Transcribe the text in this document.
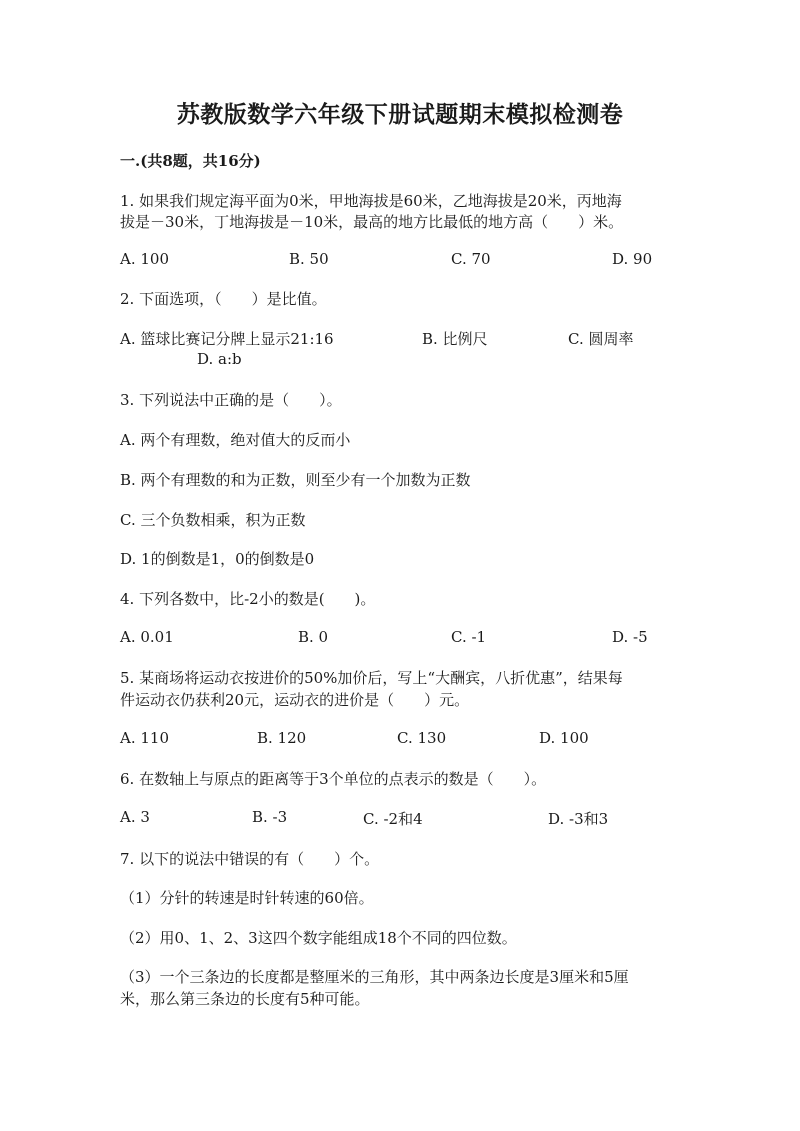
苏教版数学六年级下册试题期末模拟检测卷
一.(共8题，共16分)
1. 如果我们规定海平面为0米，甲地海拔是60米，乙地海拔是20米，丙地海
拔是－30米，丁地海拔是－10米，最高的地方比最低的地方高（　　）米。
A. 100	B. 50	C. 70	D. 90
2. 下面选项，（　　）是比值。
A. 篮球比赛记分牌上显示21:16	B. 比例尺	C. 圆周率
D. a:b
3. 下列说法中正确的是（　　）。
A. 两个有理数，绝对值大的反而小
B. 两个有理数的和为正数，则至少有一个加数为正数
C. 三个负数相乘，积为正数
D. 1的倒数是1，0的倒数是0
4. 下列各数中，比-2小的数是(　　)。
A. 0.01	B. 0	C. -1	D. -5
5. 某商场将运动衣按进价的50%加价后，写上“大酬宾，八折优惠”，结果每
件运动衣仍获利20元，运动衣的进价是（　　）元。
A. 110	B. 120	C. 130	D. 100
6. 在数轴上与原点的距离等于3个单位的点表示的数是（　　）。
A. 3	B. -3	C. -2和4	D. -3和3
7. 以下的说法中错误的有（　　）个。
（1）分针的转速是时针转速的60倍。
（2）用0、1、2、3这四个数字能组成18个不同的四位数。
（3）一个三条边的长度都是整厘米的三角形，其中两条边长度是3厘米和5厘
米，那么第三条边的长度有5种可能。
